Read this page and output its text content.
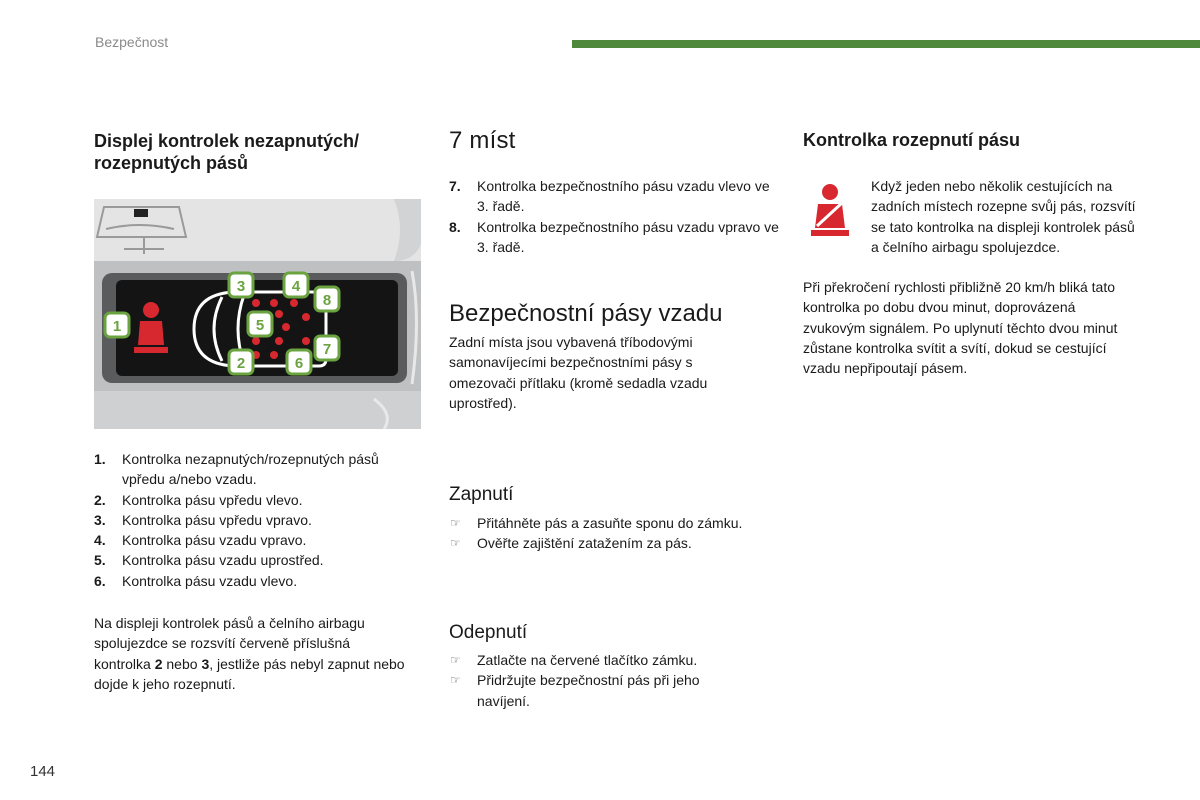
Bezpečnost
Displej kontrolek nezapnutých/
rozepnutých pásů
1
3	4
8
5
7
2	6
1.	Kontrolka nezapnutých/rozepnutých pásů vpředu a/nebo vzadu.
2.	Kontrolka pásu vpředu vlevo.
3.	Kontrolka pásu vpředu vpravo.
4.	Kontrolka pásu vzadu vpravo.
5.	Kontrolka pásu vzadu uprostřed.
6.	Kontrolka pásu vzadu vlevo.

Na displeji kontrolek pásů a čelního airbagu spolujezdce se rozsvítí červeně příslušná kontrolka 2 nebo 3, jestliže pás nebyl zapnut nebo dojde k jeho rozepnutí.

7 míst
7.	Kontrolka bezpečnostního pásu vzadu vlevo ve 3. řadě.
8.	Kontrolka bezpečnostního pásu vzadu vpravo ve 3. řadě.
Bezpečnostní pásy vzadu

Zadní místa jsou vybavená tříbodovými samonavíjecími bezpečnostními pásy s omezovači přítlaku (kromě sedadla vzadu uprostřed).

Zapnutí
☞	Přitáhněte pás a zasuňte sponu do zámku.
☞	Ověřte zajištění zatažením za pás.
Odepnutí
☞	Zatlačte na červené tlačítko zámku.
☞	Přidržujte bezpečnostní pás při jeho navíjení.
Kontrolka rozepnutí pásu

Když jeden nebo několik cestujících na zadních místech rozepne svůj pás, rozsvítí se tato kontrolka na displeji kontrolek pásů a čelního airbagu spolujezdce.

Při překročení rychlosti přibližně 20 km/h bliká tato kontrolka po dobu dvou minut, doprovázená zvukovým signálem. Po uplynutí těchto dvou minut zůstane kontrolka svítit a svítí, dokud se cestující vzadu nepřipoutají pásem.

144
